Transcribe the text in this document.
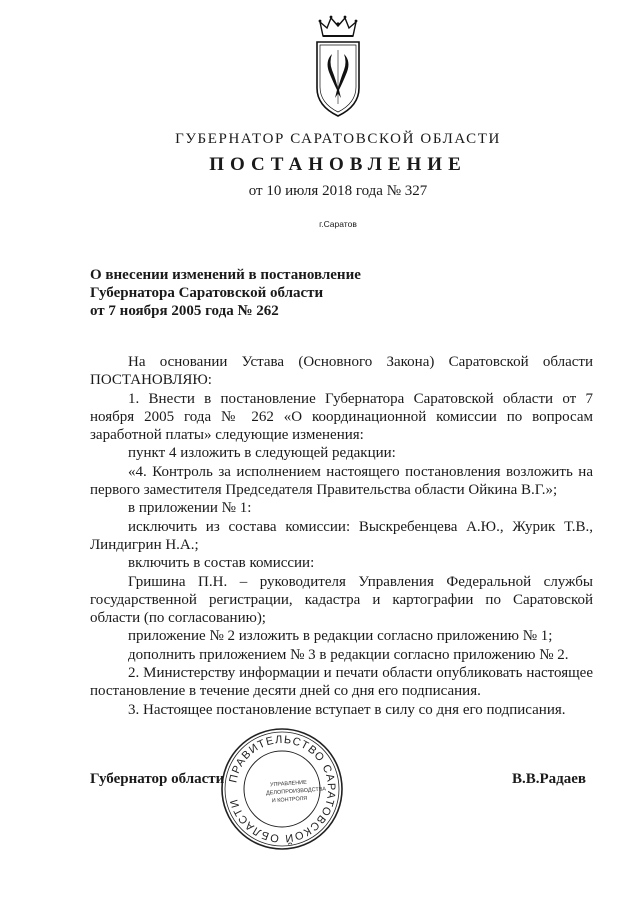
ГУБЕРНАТОР САРАТОВСКОЙ ОБЛАСТИ
ПОСТАНОВЛЕНИЕ
от 10 июля 2018 года № 327
г.Саратов
О внесении изменений в постановление
Губернатора Саратовской области
от 7 ноября 2005 года № 262

На основании Устава (Основного Закона) Саратовской области ПОСТАНОВЛЯЮ:

1. Внести в постановление Губернатора Саратовской области от 7 ноября 2005 года № 262 «О координационной комиссии по вопросам заработной платы» следующие изменения:

пункт 4 изложить в следующей редакции:

«4. Контроль за исполнением настоящего постановления возложить на первого заместителя Председателя Правительства области Ойкина В.Г.»;

в приложении № 1:

исключить из состава комиссии: Выскребенцева А.Ю., Журик Т.В., Линдигрин Н.А.;

включить в состав комиссии:

Гришина П.Н. – руководителя Управления Федеральной службы государственной регистрации, кадастра и картографии по Саратовской области (по согласованию);

приложение № 2 изложить в редакции согласно приложению № 1;

дополнить приложением № 3 в редакции согласно приложению № 2.

2. Министерству информации и печати области опубликовать настоящее постановление в течение десяти дней со дня его подписания.

3. Настоящее постановление вступает в силу со дня его подписания.

ПРАВИТЕЛЬСТВО САРАТОВСКОЙ ОБЛАСТИ
УПРАВЛЕНИЕ ДЕЛОПРОИЗВОДСТВА И КОНТРОЛЯ
Губернатор области	В.В.Радаев
